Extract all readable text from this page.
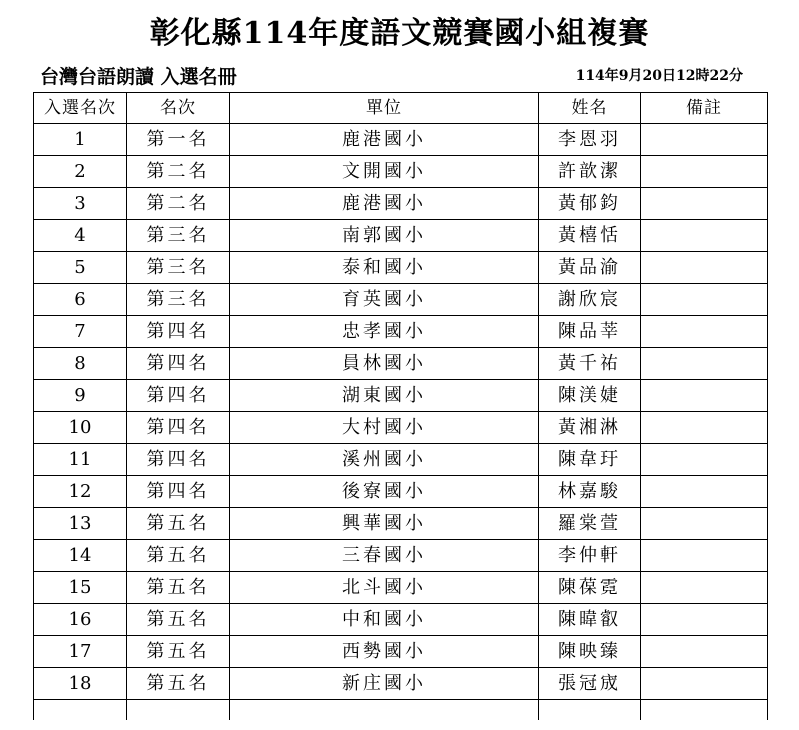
彰化縣114年度語文競賽國小組複賽
台灣台語朗讀 入選名冊	114年9月20日12時22分
入選名次	名次	單位	姓名	備註
1	第一名	鹿港國小	李恩羽	
2	第二名	文開國小	許歆潔	
3	第二名	鹿港國小	黃郁鈞	
4	第三名	南郭國小	黃橲恬	
5	第三名	泰和國小	黃品渝	
6	第三名	育英國小	謝欣宸	
7	第四名	忠孝國小	陳品莘	
8	第四名	員林國小	黃千祐	
9	第四名	湖東國小	陳渼婕	
10	第四名	大村國小	黃湘淋	
11	第四名	溪州國小	陳韋玗	
12	第四名	後寮國小	林嘉駿	
13	第五名	興華國小	羅棠萱	
14	第五名	三春國小	李仲軒	
15	第五名	北斗國小	陳葆霓	
16	第五名	中和國小	陳暐叡	
17	第五名	西勢國小	陳映臻	
18	第五名	新庄國小	張冠宬	
